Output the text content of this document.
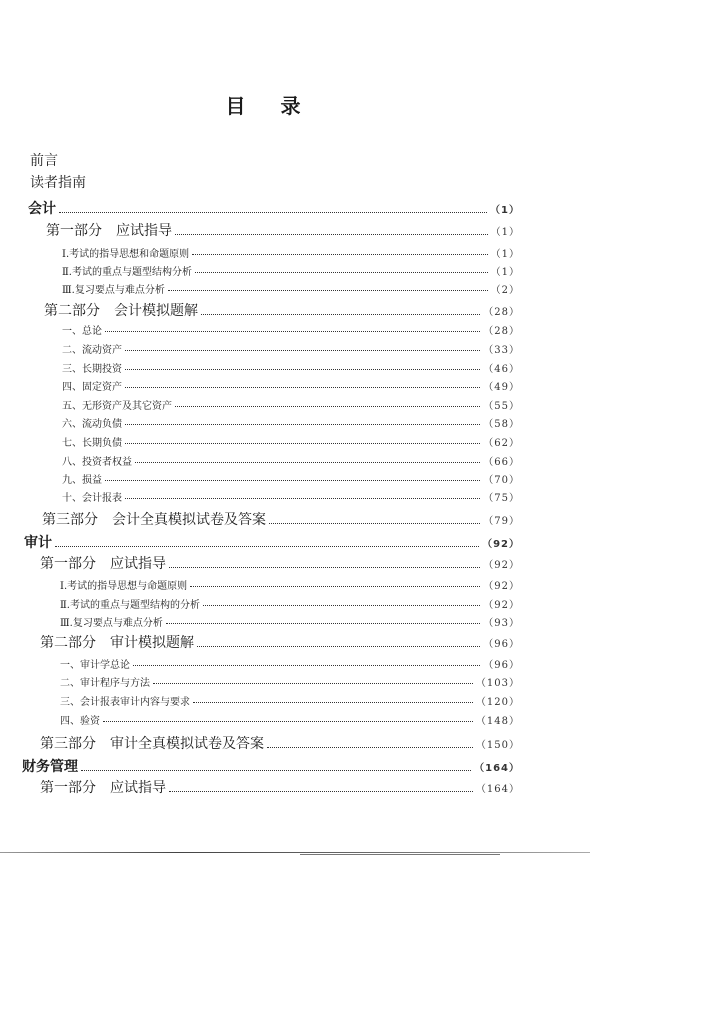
目 录
前言
读者指南
会计	（1）
第一部分　应试指导	（1）
Ⅰ.考试的指导思想和命题原则	（1）
Ⅱ.考试的重点与题型结构分析	（1）
Ⅲ.复习要点与难点分析	（2）
第二部分　会计模拟题解	（28）
一、总论	（28）
二、流动资产	（33）
三、长期投资	（46）
四、固定资产	（49）
五、无形资产及其它资产	（55）
六、流动负债	（58）
七、长期负债	（62）
八、投资者权益	（66）
九、损益	（70）
十、会计报表	（75）
第三部分　会计全真模拟试卷及答案	（79）
审计	（92）
第一部分　应试指导	（92）
Ⅰ.考试的指导思想与命题原则	（92）
Ⅱ.考试的重点与题型结构的分析	（92）
Ⅲ.复习要点与难点分析	（93）
第二部分　审计模拟题解	（96）
一、审计学总论	（96）
二、审计程序与方法	（103）
三、会计报表审计内容与要求	（120）
四、验资	（148）
第三部分　审计全真模拟试卷及答案	（150）
财务管理	（164）
第一部分　应试指导	（164）
